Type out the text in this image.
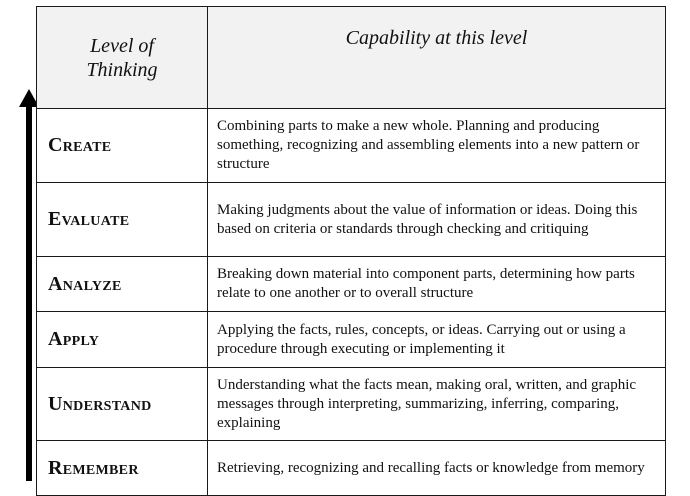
Level of Thinking	Capability at this level
Create	Combining parts to make a new whole. Planning and producing something, recognizing and assembling elements into a new pattern or structure
Evaluate	Making judgments about the value of information or ideas. Doing this based on criteria or standards through checking and critiquing
Analyze	Breaking down material into component parts, determining how parts relate to one another or to overall structure
Apply	Applying the facts, rules, concepts, or ideas. Carrying out or using a procedure through executing or implementing it
Understand	Understanding what the facts mean, making oral, written, and graphic messages through interpreting, summarizing, inferring, comparing, explaining
Remember	Retrieving, recognizing and recalling facts or knowledge from memory
